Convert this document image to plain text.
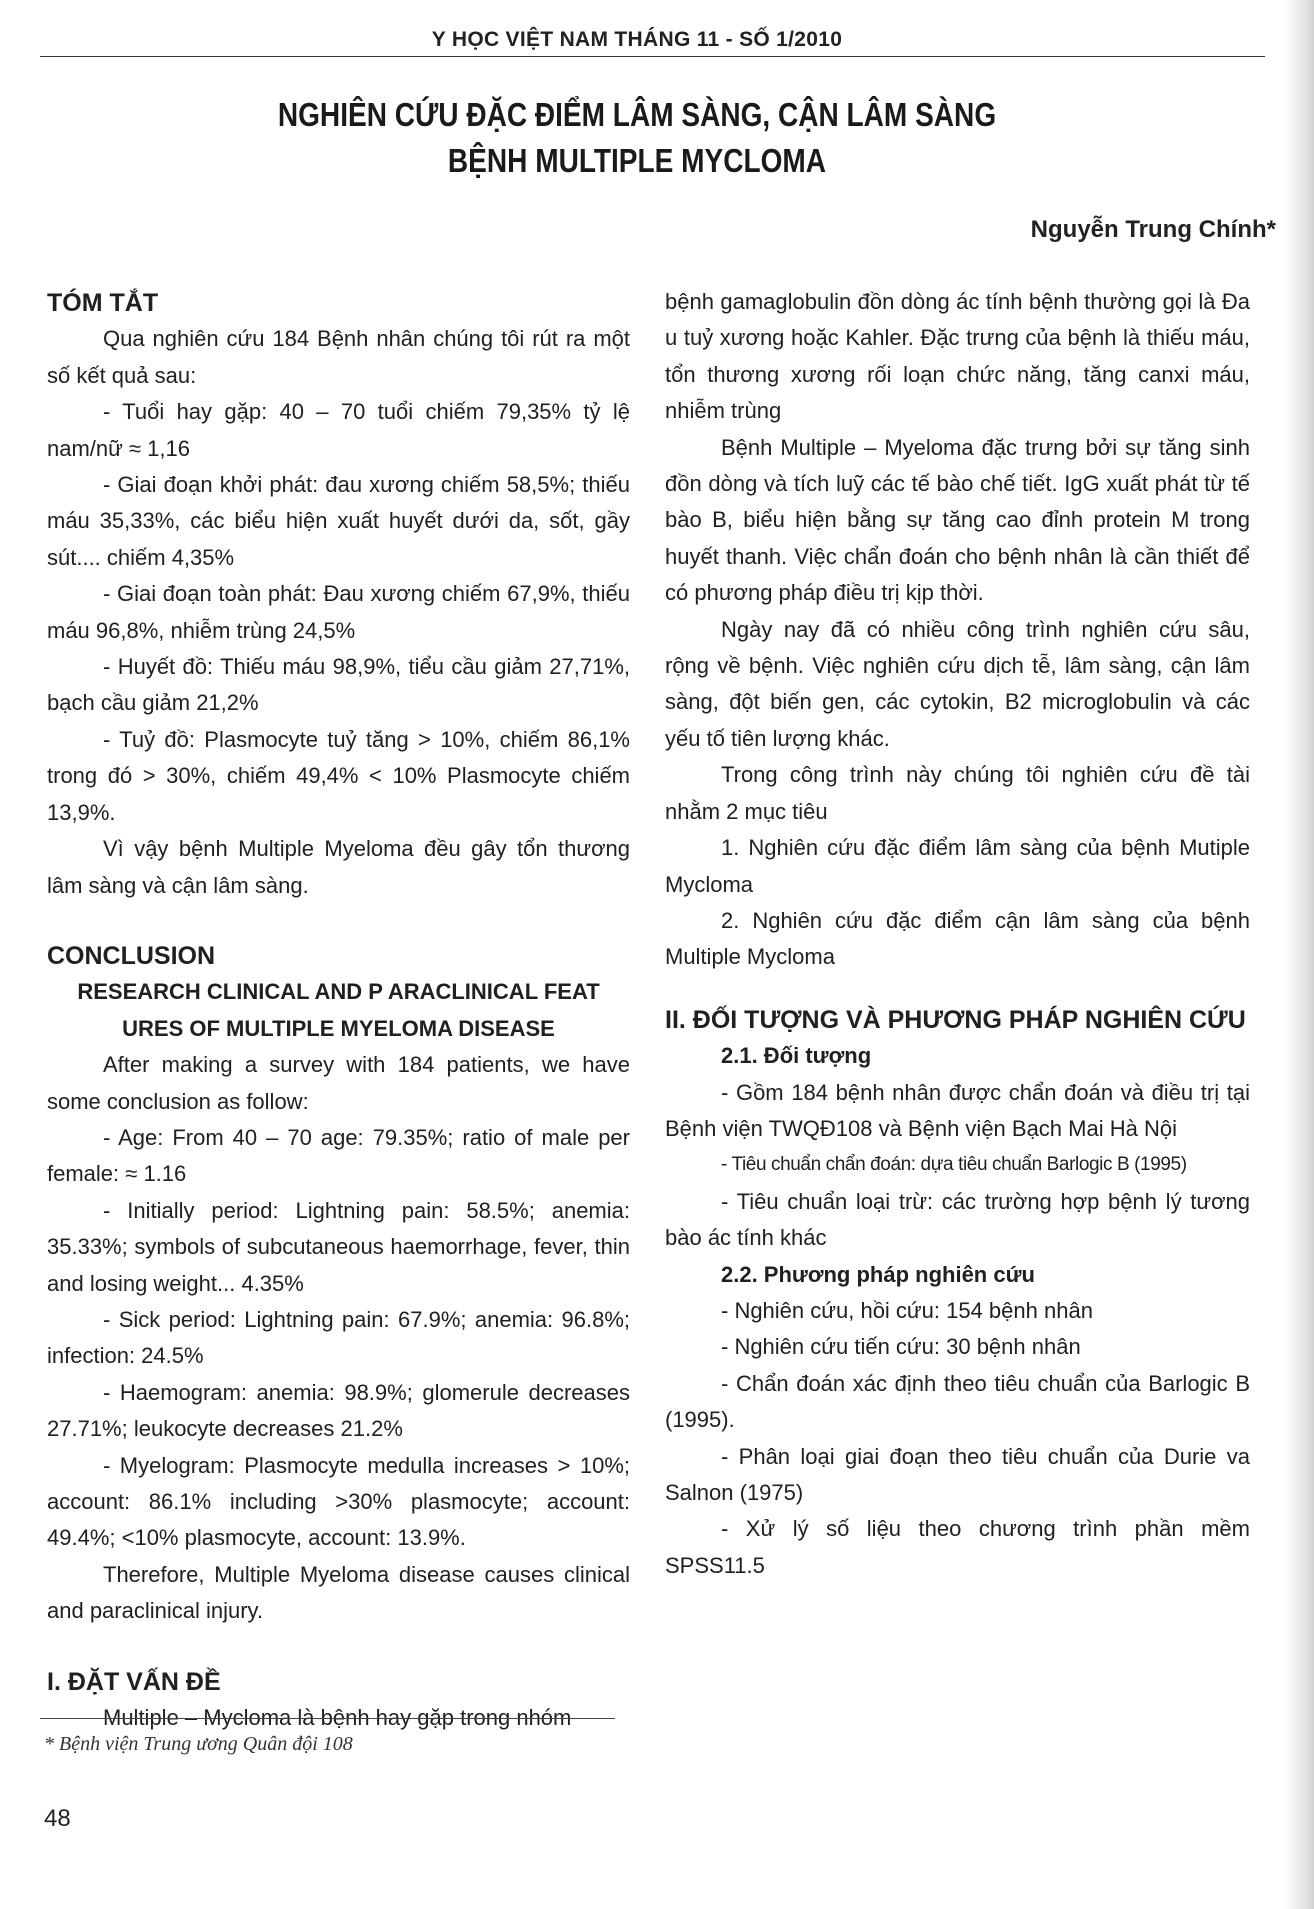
Y HỌC VIỆT NAM THÁNG 11 - SỐ 1/2010
NGHIÊN CỨU ĐẶC ĐIỂM LÂM SÀNG, CẬN LÂM SÀNG
BỆNH MULTIPLE MYCLOMA
Nguyễn Trung Chính*

TÓM TẮT

Qua nghiên cứu 184 Bệnh nhân chúng tôi rút ra một số kết quả sau:

- Tuổi hay gặp: 40 – 70 tuổi chiếm 79,35% tỷ lệ nam/nữ ≈ 1,16

- Giai đoạn khởi phát: đau xương chiếm 58,5%; thiếu máu 35,33%, các biểu hiện xuất huyết dưới da, sốt, gầy sút.... chiếm 4,35%

- Giai đoạn toàn phát: Đau xương chiếm 67,9%, thiếu máu 96,8%, nhiễm trùng 24,5%

- Huyết đồ: Thiếu máu 98,9%, tiểu cầu giảm 27,71%, bạch cầu giảm 21,2%

- Tuỷ đồ: Plasmocyte tuỷ tăng > 10%, chiếm 86,1% trong đó > 30%, chiếm 49,4% < 10% Plasmocyte chiếm 13,9%.

Vì vậy bệnh Multiple Myeloma đều gây tổn thương lâm sàng và cận lâm sàng.

CONCLUSION

RESEARCH CLINICAL AND P ARACLINICAL FEAT
URES OF MULTIPLE MYELOMA DISEASE

After making a survey with 184 patients, we have some conclusion as follow:

- Age: From 40 – 70 age: 79.35%; ratio of male per female: ≈ 1.16

- Initially period: Lightning pain: 58.5%; anemia: 35.33%; symbols of subcutaneous haemorrhage, fever, thin and losing weight... 4.35%

- Sick period: Lightning pain: 67.9%; anemia: 96.8%; infection: 24.5%

- Haemogram: anemia: 98.9%; glomerule decreases 27.71%; leukocyte decreases 21.2%

- Myelogram: Plasmocyte medulla increases > 10%; account: 86.1% including >30% plasmocyte; account: 49.4%; <10% plasmocyte, account: 13.9%.

Therefore, Multiple Myeloma disease causes clinical and paraclinical injury.

I. ĐẶT VẤN ĐỀ

Multiple – Mycloma là bệnh hay gặp trong nhóm

bệnh gamaglobulin đồn dòng ác tính bệnh thường gọi là Đa u tuỷ xương hoặc Kahler. Đặc trưng của bệnh là thiếu máu, tổn thương xương rối loạn chức năng, tăng canxi máu, nhiễm trùng

Bệnh Multiple – Myeloma đặc trưng bởi sự tăng sinh đồn dòng và tích luỹ các tế bào chế tiết. IgG xuất phát từ tế bào B, biểu hiện bằng sự tăng cao đỉnh protein M trong huyết thanh. Việc chẩn đoán cho bệnh nhân là cần thiết để có phương pháp điều trị kịp thời.

Ngày nay đã có nhiều công trình nghiên cứu sâu, rộng về bệnh. Việc nghiên cứu dịch tễ, lâm sàng, cận lâm sàng, đột biến gen, các cytokin, B2 microglobulin và các yếu tố tiên lượng khác.

Trong công trình này chúng tôi nghiên cứu đề tài nhằm 2 mục tiêu

1. Nghiên cứu đặc điểm lâm sàng của bệnh Mutiple Mycloma

2. Nghiên cứu đặc điểm cận lâm sàng của bệnh Multiple Mycloma

II. ĐỐI TƯỢNG VÀ PHƯƠNG PHÁP NGHIÊN CỨU

2.1. Đối tượng

- Gồm 184 bệnh nhân được chẩn đoán và điều trị tại Bệnh viện TWQĐ108 và Bệnh viện Bạch Mai Hà Nội

- Tiêu chuẩn chẩn đoán: dựa tiêu chuẩn Barlogic B (1995)

- Tiêu chuẩn loại trừ: các trường hợp bệnh lý tương bào ác tính khác

2.2. Phương pháp nghiên cứu

- Nghiên cứu, hồi cứu: 154 bệnh nhân

- Nghiên cứu tiến cứu: 30 bệnh nhân

- Chẩn đoán xác định theo tiêu chuẩn của Barlogic B (1995).

- Phân loại giai đoạn theo tiêu chuẩn của Durie va Salnon (1975)

- Xử lý số liệu theo chương trình phần mềm SPSS11.5

* Bệnh viện Trung ương Quân đội 108
48
